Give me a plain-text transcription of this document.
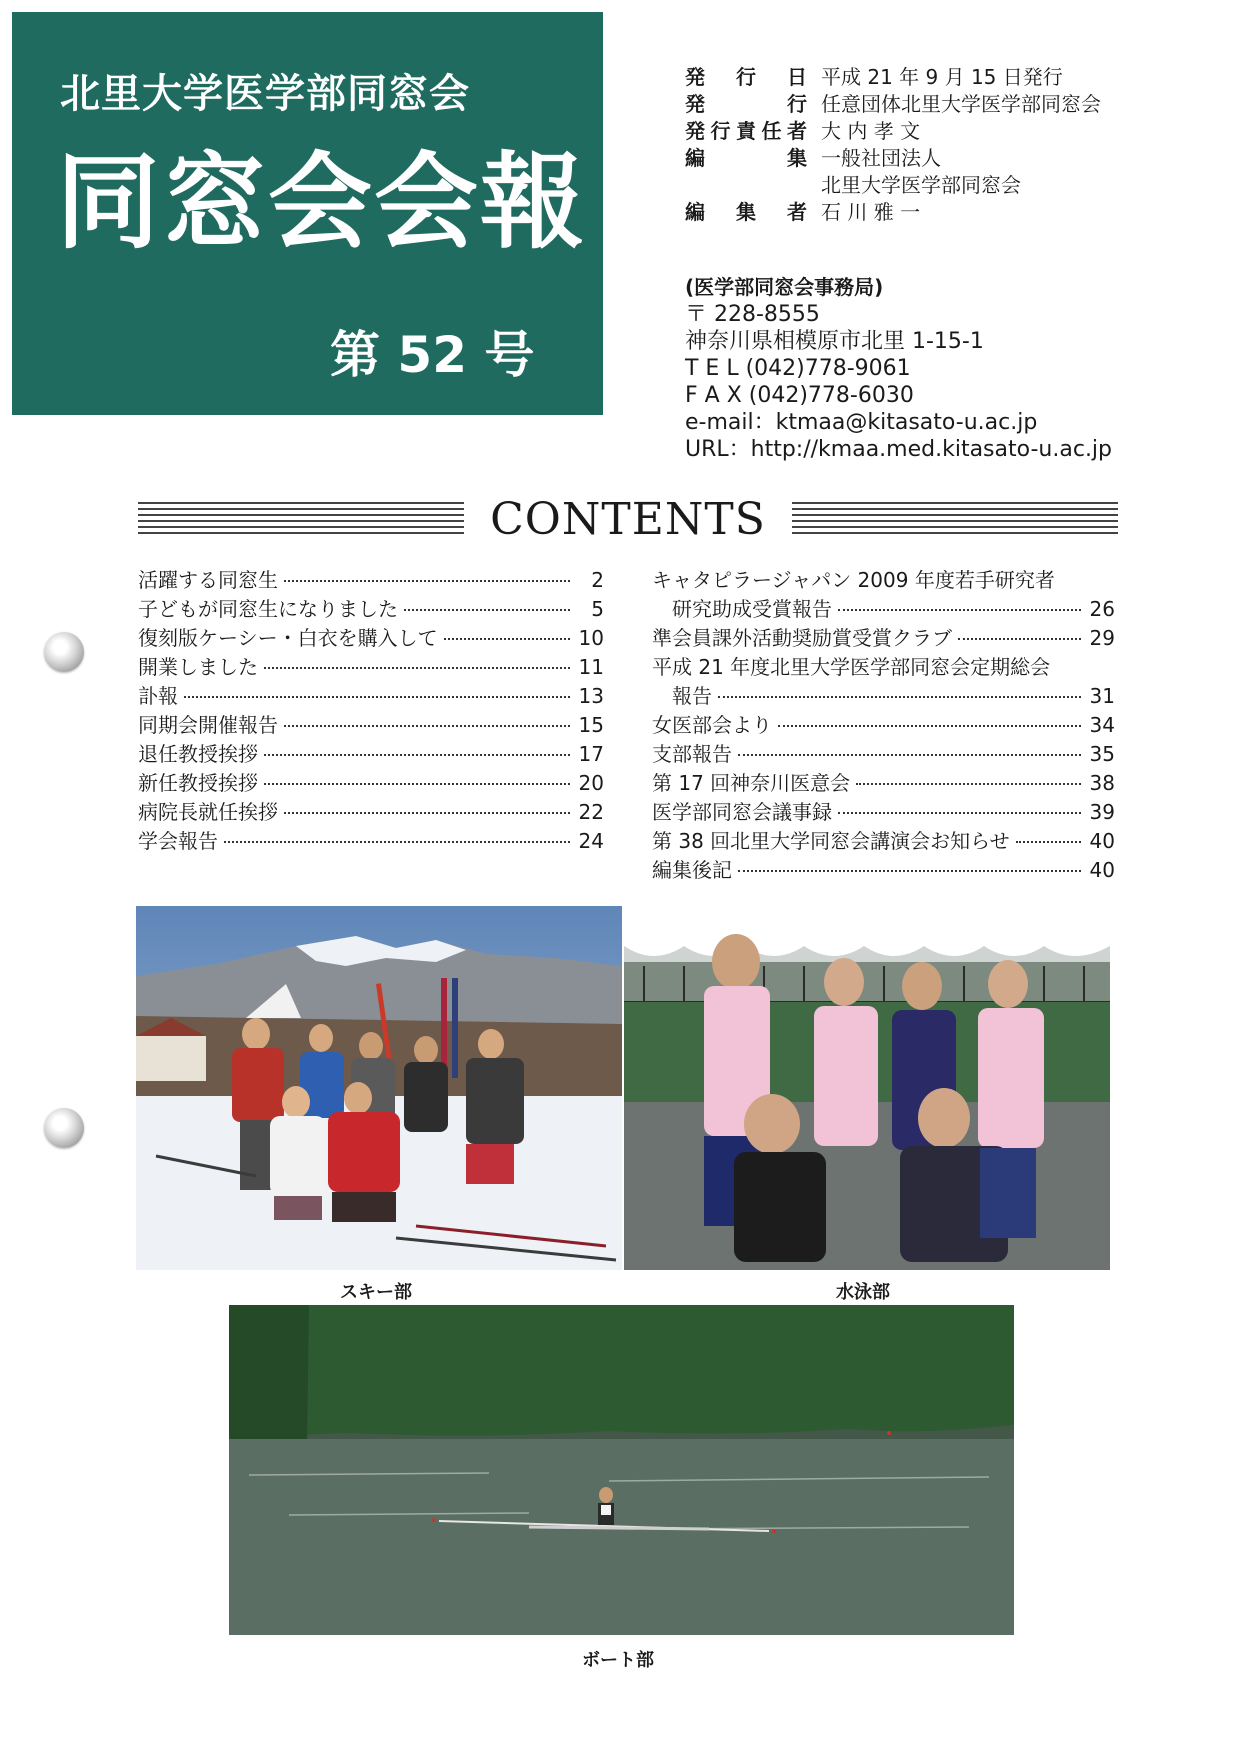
北里大学医学部同窓会
同窓会会報
第 52 号
発行日 平成 21 年 9 月 15 日発行
発行 任意団体北里大学医学部同窓会
発行責任者 大 内 孝 文
編集 一般社団法人
北里大学医学部同窓会
編集者 石 川 雅 一
(医学部同窓会事務局)
〒 228-8555
神奈川県相模原市北里 1-15-1
T E L (042)778-9061
F A X (042)778-6030
e-mail：ktmaa@kitasato-u.ac.jp
URL：http://kmaa.med.kitasato-u.ac.jp
CONTENTS
活躍する同窓生	2
子どもが同窓生になりました	5
復刻版ケーシー・白衣を購入して	10
開業しました	11
訃報	13
同期会開催報告	15
退任教授挨拶	17
新任教授挨拶	20
病院長就任挨拶	22
学会報告	24
キャタピラージャパン 2009 年度若手研究者
研究助成受賞報告	26
準会員課外活動奨励賞受賞クラブ	29
平成 21 年度北里大学医学部同窓会定期総会
報告	31
女医部会より	34
支部報告	35
第 17 回神奈川医意会	38
医学部同窓会議事録	39
第 38 回北里大学同窓会講演会お知らせ	40
編集後記	40
スキー部	水泳部
ボート部
